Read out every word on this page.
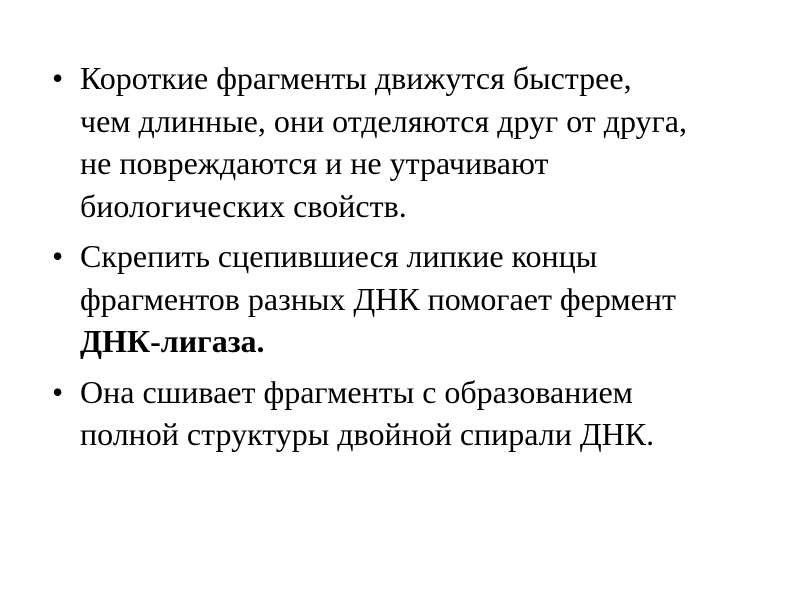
• Короткие фрагменты движутся быстрее,
чем длинные, они отделяются друг от друга,
не повреждаются и не утрачивают
биологических свойств.
• Скрепить сцепившиеся липкие концы
фрагментов разных ДНК помогает фермент
ДНК-лигаза.
• Она сшивает фрагменты с образованием
полной структуры двойной спирали ДНК.
